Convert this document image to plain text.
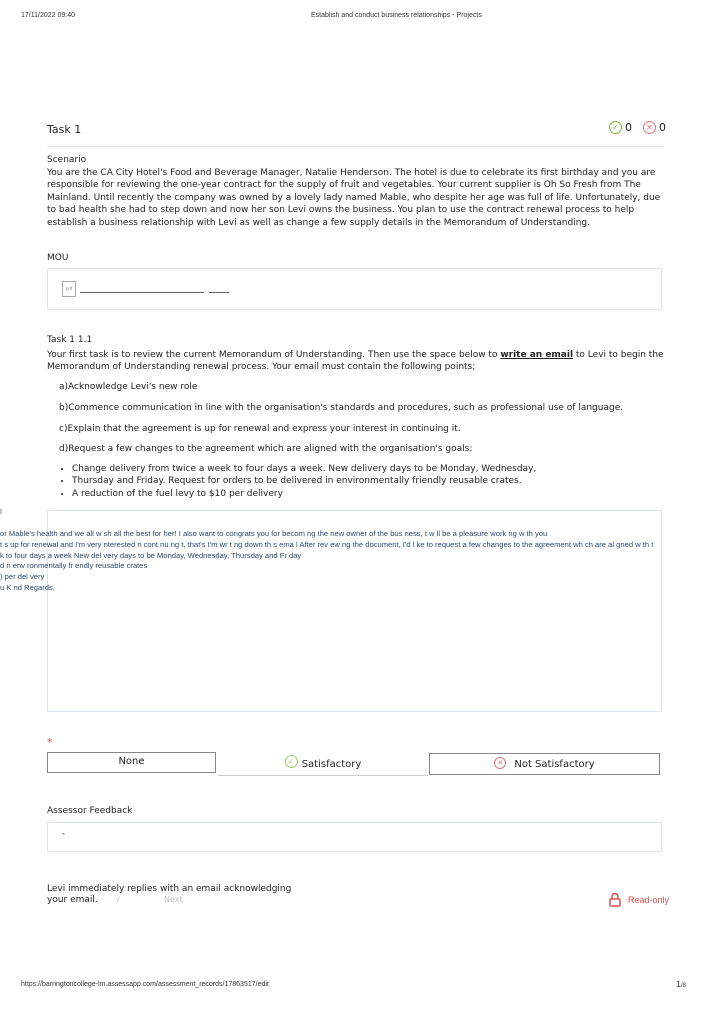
17/11/2022 09:40	Establish and conduct business relationships - Projects
Task 1	✓ 0	✕ 0
Scenario
You are the CA City Hotel's Food and Beverage Manager, Natalie Henderson. The hotel is due to celebrate its first birthday and you are responsible for reviewing the one-year contract for the supply of fruit and vegetables. Your current supplier is Oh So Fresh from The Mainland. Until recently the company was owned by a lovely lady named Mable, who despite her age was full of life. Unfortunately, due to bad health she had to step down and now her son Levi owns the business. You plan to use the contract renewal process to help establish a business relationship with Levi as well as change a few supply details in the Memorandum of Understanding.
MOU
pdf
Task 1 1.1
Your first task is to review the current Memorandum of Understanding. Then use the space below to write an email to Levi to begin the Memorandum of Understanding renewal process. Your email must contain the following points;
a)Acknowledge Levi's new role
b)Commence communication in line with the organisation's standards and procedures, such as professional use of language.
c)Explain that the agreement is up for renewal and express your interest in continuing it.
d)Request a few changes to the agreement which are aligned with the organisation's goals:
• Change delivery from twice a week to four days a week. New delivery days to be Monday, Wednesday,
• Thursday and Friday. Request for orders to be delivered in environmentally friendly reusable crates.
• A reduction of the fuel levy to $10 per delivery
l
or Mable's health and we all w sh all the best for her! I also want to congrats you for becom ng the new owner of the bus ness, t w ll be a pleasure work ng w th you
t s up for renewal and I'm very nterested n cont nu ng t, that's I'm wr t ng down th s ema l After rev ew ng the document, I'd l ke to request a few changes to the agreement wh ch are al gned w th t
k to four days a week New del very days to be Monday, Wednesday, Thursday and Fr day
d n env ronmentally fr endly reusable crates
) per del very
u K nd Regards,
*
None	✓ Satisfactory	✕	Not Satisfactory
Assessor Feedback
-
Levi immediately replies with an email acknowledging
your email.	/	Next	Read-only
https://barringtoncollege-lm.assessapp.com/assessment_records/17863517/edit	1/8
